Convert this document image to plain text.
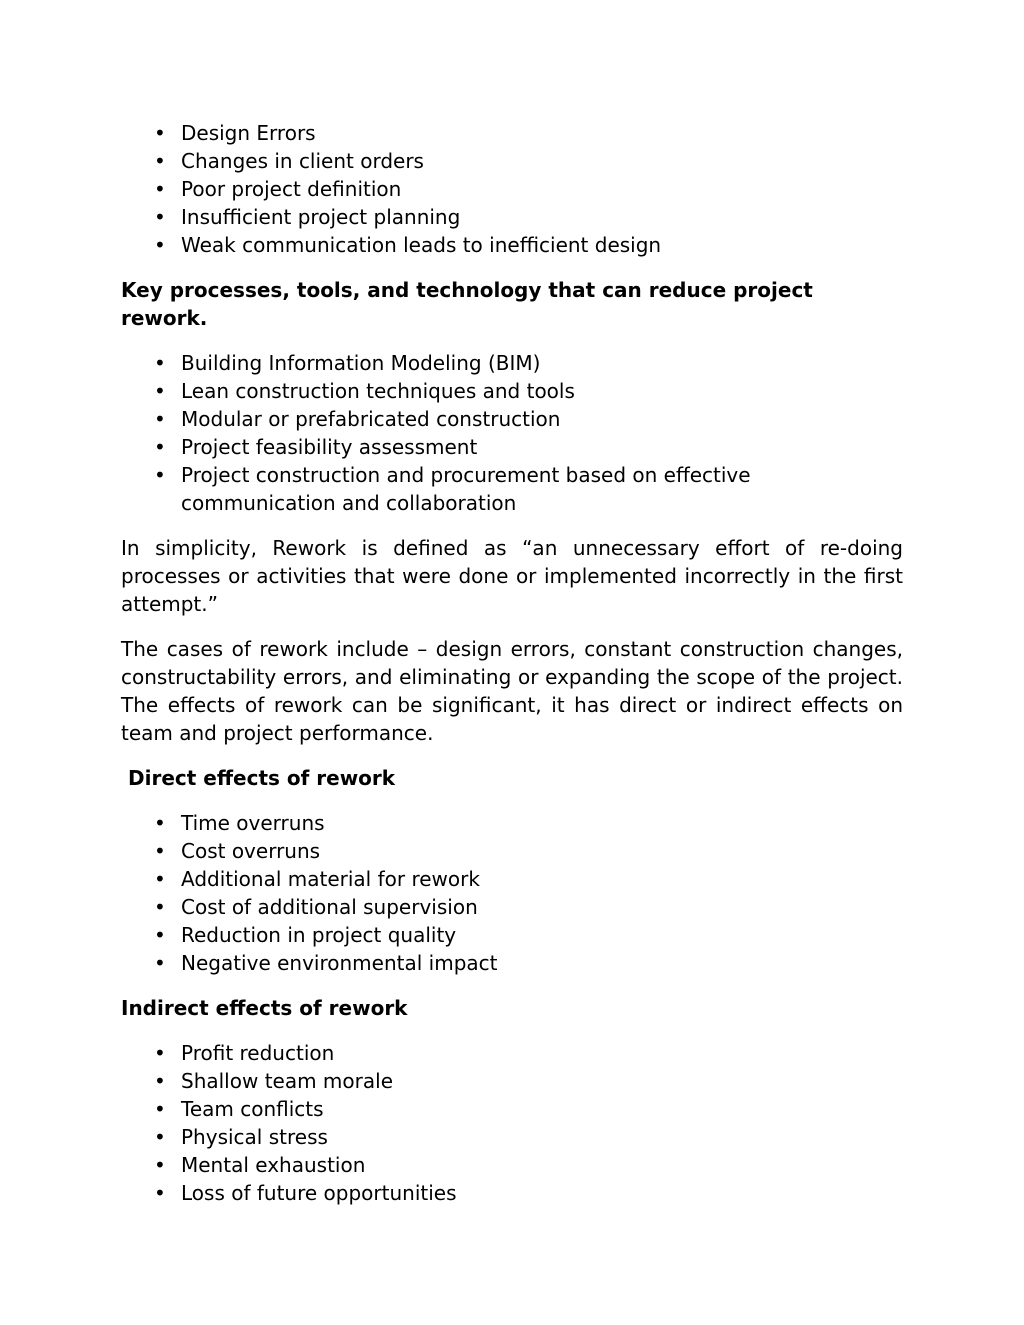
• Design Errors
• Changes in client orders
• Poor project definition
• Insufficient project planning
• Weak communication leads to inefficient design

Key processes, tools, and technology that can reduce project rework.

• Building Information Modeling (BIM)
• Lean construction techniques and tools
• Modular or prefabricated construction
• Project feasibility assessment
• Project construction and procurement based on effective communication and collaboration

In simplicity, Rework is defined as “an unnecessary effort of re-doing processes or activities that were done or implemented incorrectly in the first attempt.”

The cases of rework include – design errors, constant construction changes, constructability errors, and eliminating or expanding the scope of the project. The effects of rework can be significant, it has direct or indirect effects on team and project performance.

Direct effects of rework

• Time overruns
• Cost overruns
• Additional material for rework
• Cost of additional supervision
• Reduction in project quality
• Negative environmental impact

Indirect effects of rework

• Profit reduction
• Shallow team morale
• Team conflicts
• Physical stress
• Mental exhaustion
• Loss of future opportunities
